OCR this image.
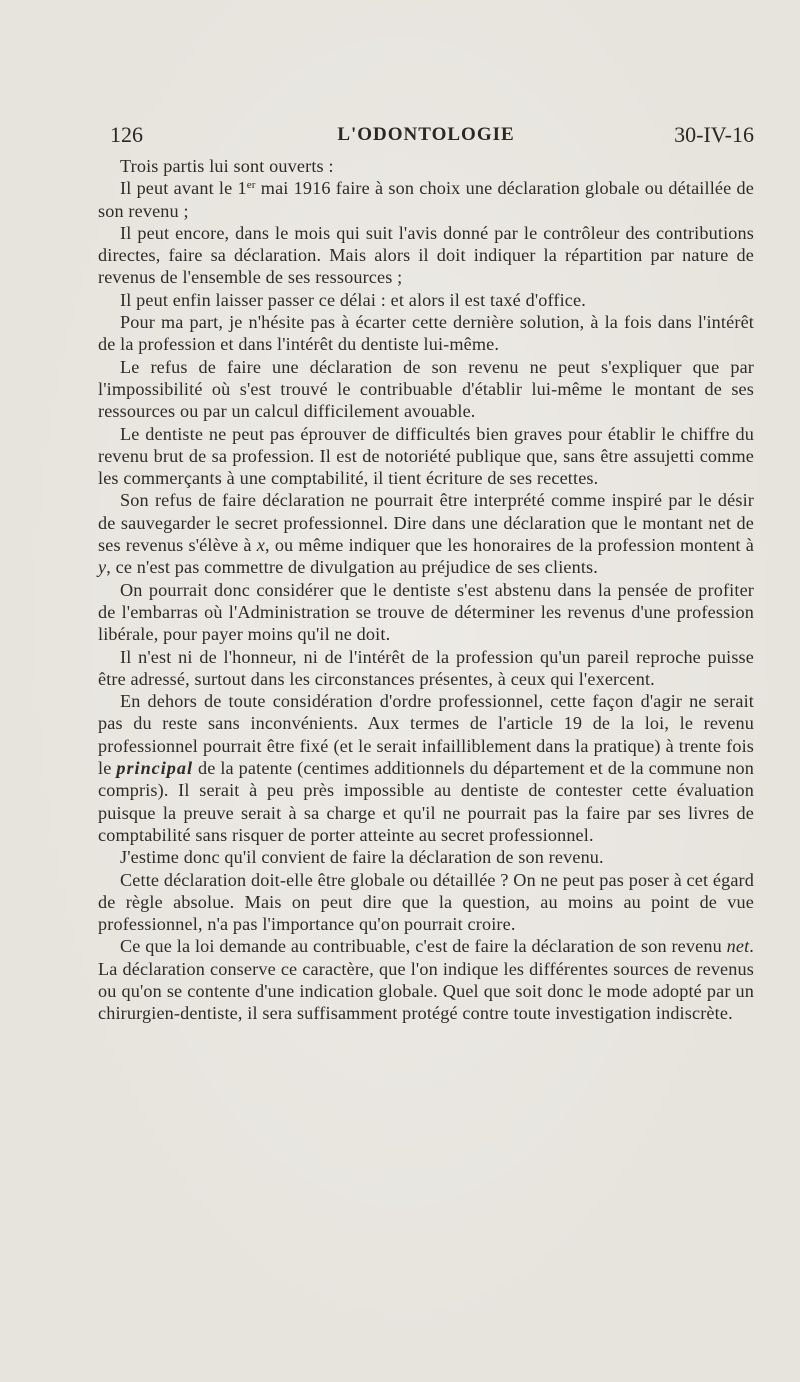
126	L'ODONTOLOGIE	30-IV-16

Trois partis lui sont ouverts :

Il peut avant le 1er mai 1916 faire à son choix une déclaration globale ou détaillée de son revenu ;

Il peut encore, dans le mois qui suit l'avis donné par le contrôleur des contributions directes, faire sa déclaration. Mais alors il doit indiquer la répartition par nature de revenus de l'ensemble de ses ressources ;

Il peut enfin laisser passer ce délai : et alors il est taxé d'office.

Pour ma part, je n'hésite pas à écarter cette dernière solution, à la fois dans l'intérêt de la profession et dans l'intérêt du dentiste lui-même.

Le refus de faire une déclaration de son revenu ne peut s'expliquer que par l'impossibilité où s'est trouvé le contribuable d'établir lui-même le montant de ses ressources ou par un calcul difficilement avouable.

Le dentiste ne peut pas éprouver de difficultés bien graves pour établir le chiffre du revenu brut de sa profession. Il est de notoriété publique que, sans être assujetti comme les commerçants à une comptabilité, il tient écriture de ses recettes.

Son refus de faire déclaration ne pourrait être interprété comme inspiré par le désir de sauvegarder le secret professionnel. Dire dans une déclaration que le montant net de ses revenus s'élève à x, ou même indiquer que les honoraires de la profession montent à y, ce n'est pas commettre de divulgation au préjudice de ses clients.

On pourrait donc considérer que le dentiste s'est abstenu dans la pensée de profiter de l'embarras où l'Administration se trouve de déterminer les revenus d'une profession libérale, pour payer moins qu'il ne doit.

Il n'est ni de l'honneur, ni de l'intérêt de la profession qu'un pareil reproche puisse être adressé, surtout dans les circonstances présentes, à ceux qui l'exercent.

En dehors de toute considération d'ordre professionnel, cette façon d'agir ne serait pas du reste sans inconvénients. Aux termes de l'article 19 de la loi, le revenu professionnel pourrait être fixé (et le serait infailliblement dans la pratique) à trente fois le principal de la patente (centimes additionnels du département et de la commune non compris). Il serait à peu près impossible au dentiste de contester cette évaluation puisque la preuve serait à sa charge et qu'il ne pourrait pas la faire par ses livres de comptabilité sans risquer de porter atteinte au secret professionnel.

J'estime donc qu'il convient de faire la déclaration de son revenu.

Cette déclaration doit-elle être globale ou détaillée ? On ne peut pas poser à cet égard de règle absolue. Mais on peut dire que la question, au moins au point de vue professionnel, n'a pas l'importance qu'on pourrait croire.

Ce que la loi demande au contribuable, c'est de faire la déclaration de son revenu net. La déclaration conserve ce caractère, que l'on indique les différentes sources de revenus ou qu'on se contente d'une indication globale. Quel que soit donc le mode adopté par un chirurgien-dentiste, il sera suffisamment protégé contre toute investigation indiscrète.
